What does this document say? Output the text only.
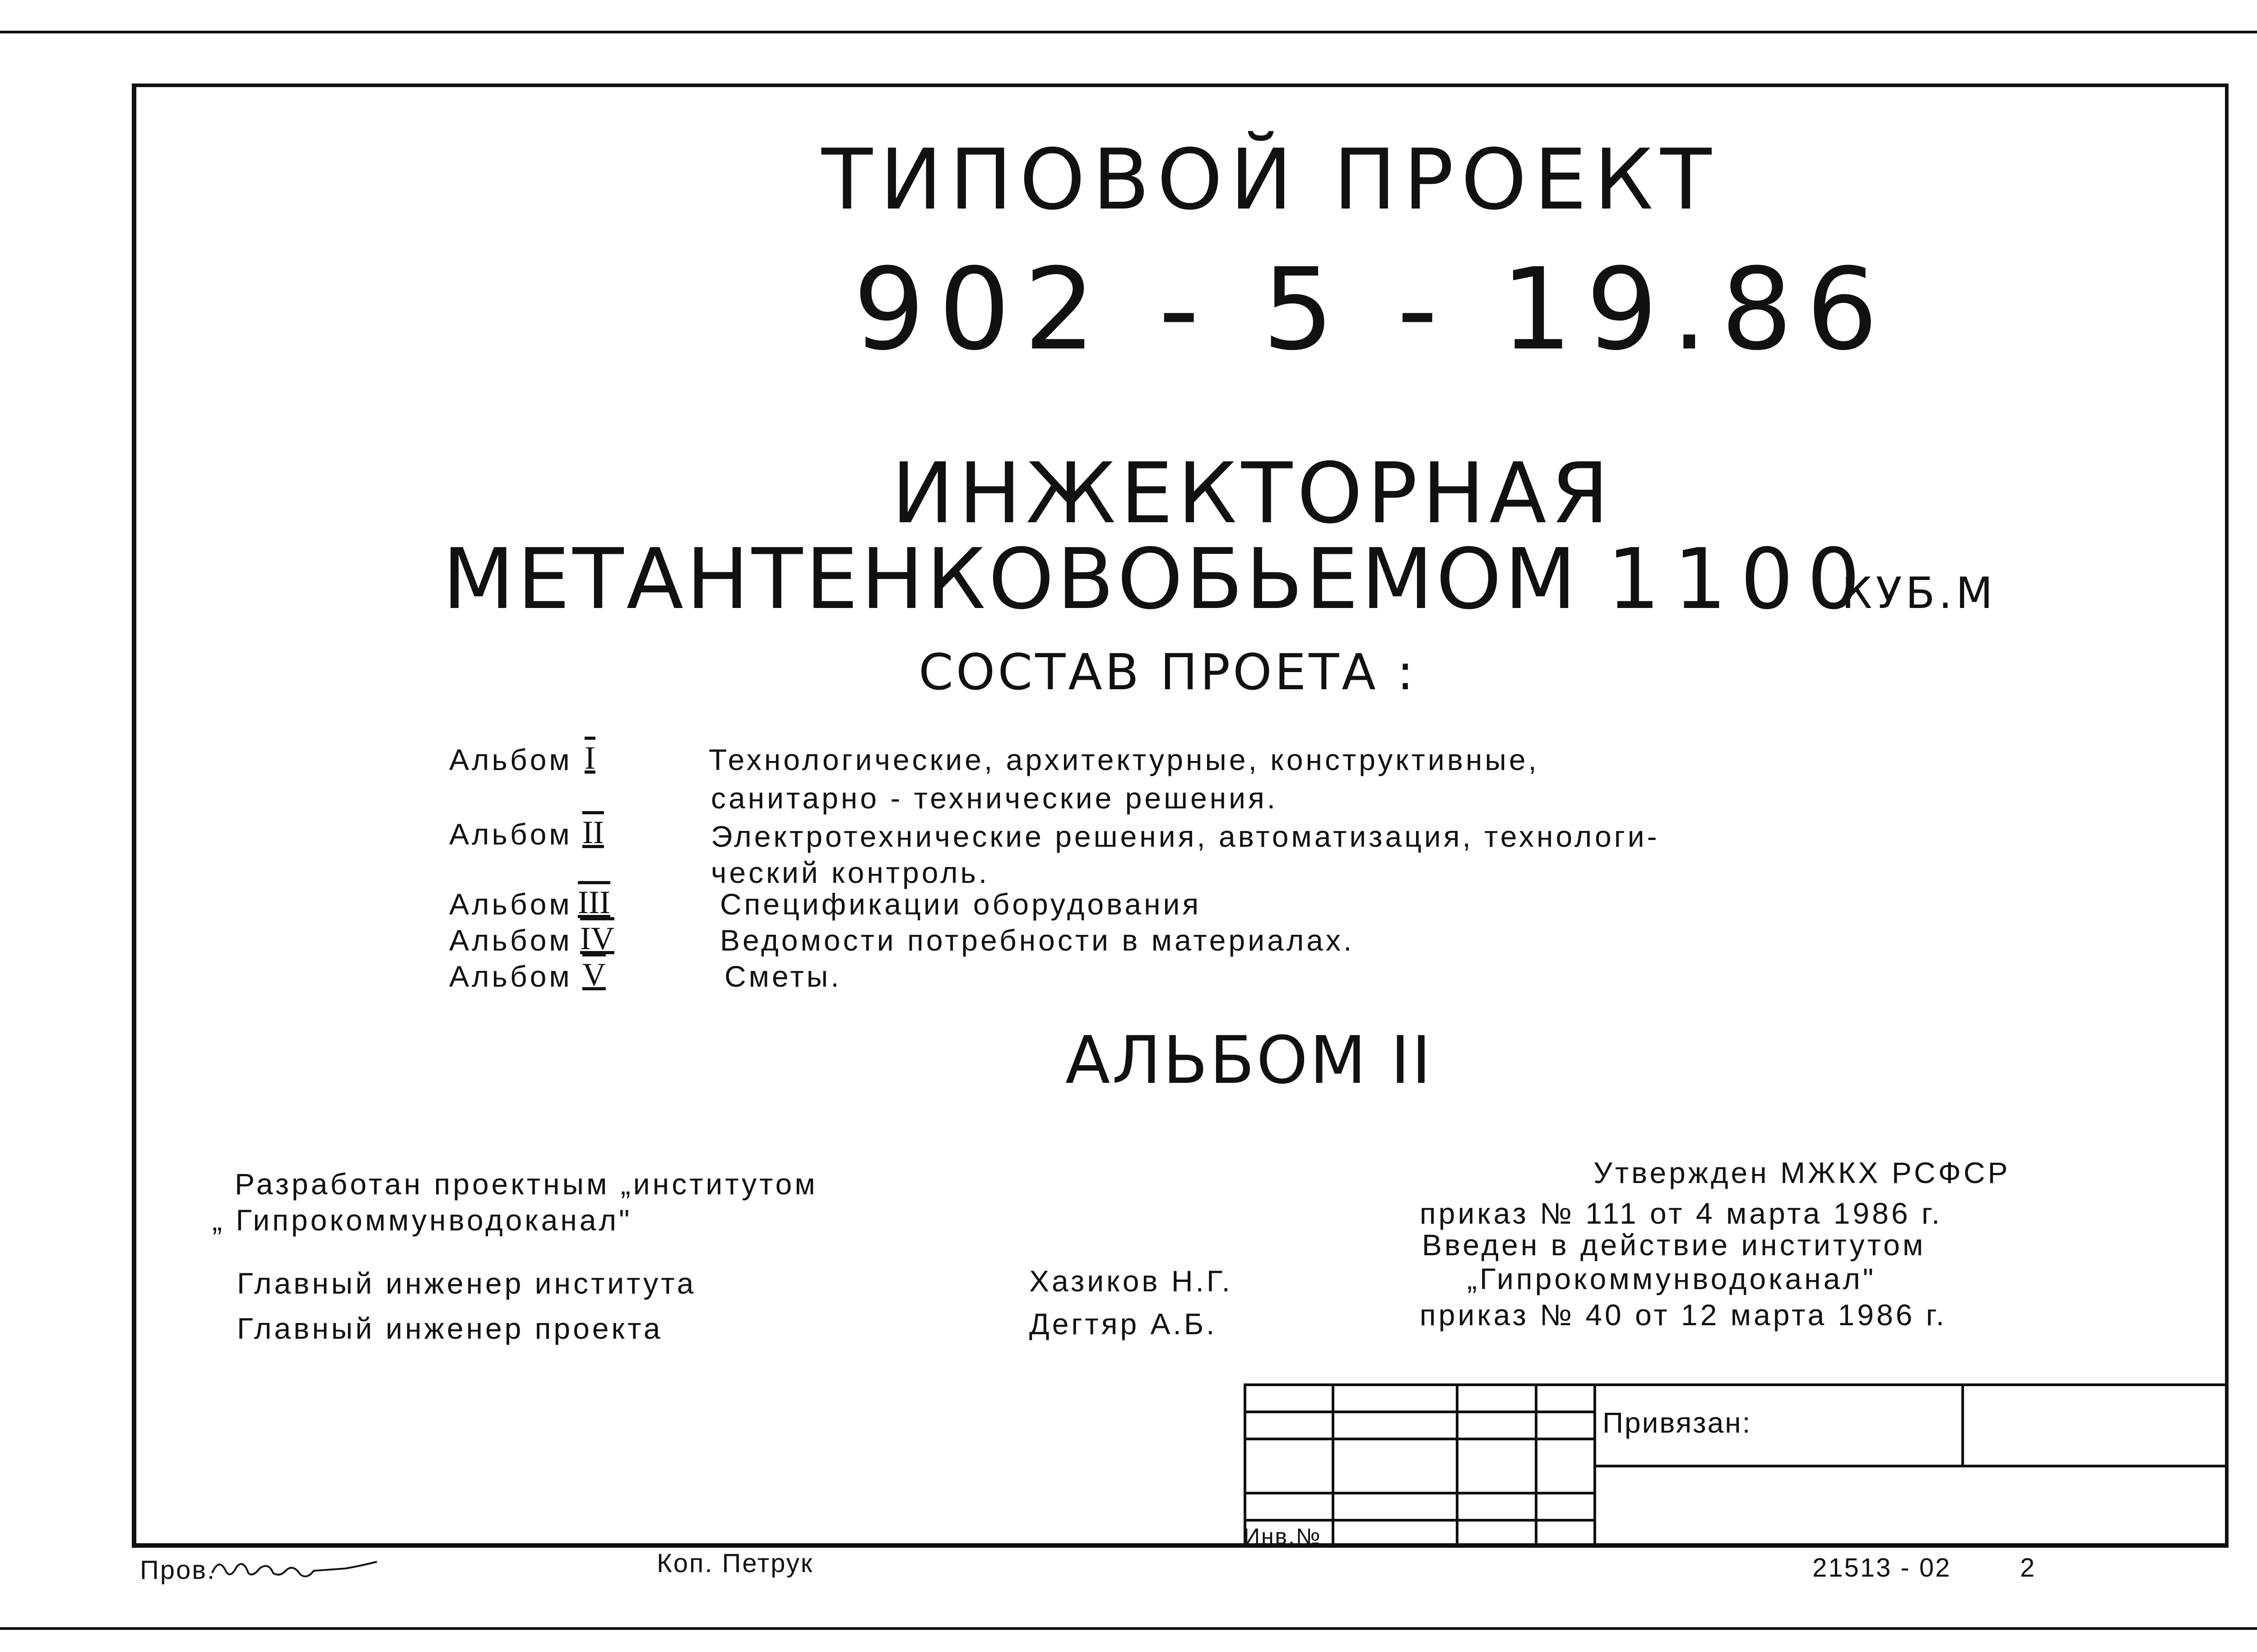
ТИПОВОЙ ПРОЕКТ
902 - 5 - 19.86
ИНЖЕКТОРНАЯ
МЕТАНТЕНКОВ ОБЬЕМОМ 1100
КУБ.М
СОСТАВ ПРОЕТА :
Альбом I	Технологические, архитектурные, конструктивные,
санитарно - технические решения.
Альбом II	Электротехнические решения, автоматизация, технологи-
ческий контроль.
Альбом III	Спецификации оборудования
Альбом IV	Ведомости потребности в материалах.
Альбом V	Сметы.
АЛЬБОМ II
Разработан проектным „институтом
„ Гипрокоммунводоканал"
Главный инженер института	Хазиков Н.Г.
Главный инженер проекта	Дегтяр А.Б.
Утвержден МЖКХ РСФСР
приказ № 111 от 4 марта 1986 г.
Введен в действие институтом
„Гипрокоммунводоканал"
приказ № 40 от 12 марта 1986 г.
Привязан:
Инв.№
Пров.	Коп. Петрук	21513 - 02	2
